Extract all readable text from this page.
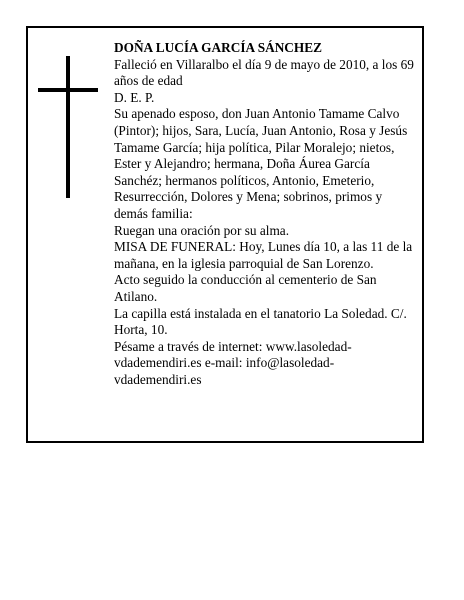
DOÑA LUCÍA GARCÍA SÁNCHEZ

Falleció en Villaralbo el día 9 de mayo de 2010, a los 69 años de edad

D. E. P.

Su apenado esposo, don Juan Antonio Tamame Calvo (Pintor); hijos, Sara, Lucía, Juan Antonio, Rosa y Jesús Tamame García; hija política, Pilar Moralejo; nietos, Ester y Alejandro; hermana, Doña Áurea García Sanchéz; hermanos políticos, Antonio, Emeterio, Resurrección, Dolores y Mena; sobrinos, primos y demás familia:

Ruegan una oración por su alma.

MISA DE FUNERAL: Hoy, Lunes día 10, a las 11 de la mañana, en la iglesia parroquial de San Lorenzo.

Acto seguido la conducción al cementerio de San Atilano.

La capilla está instalada en el tanatorio La Soledad. C/. Horta, 10.

Pésame a través de internet: www.lasoledad-vdademendiri.es e-mail: info@lasoledad-vdademendiri.es
